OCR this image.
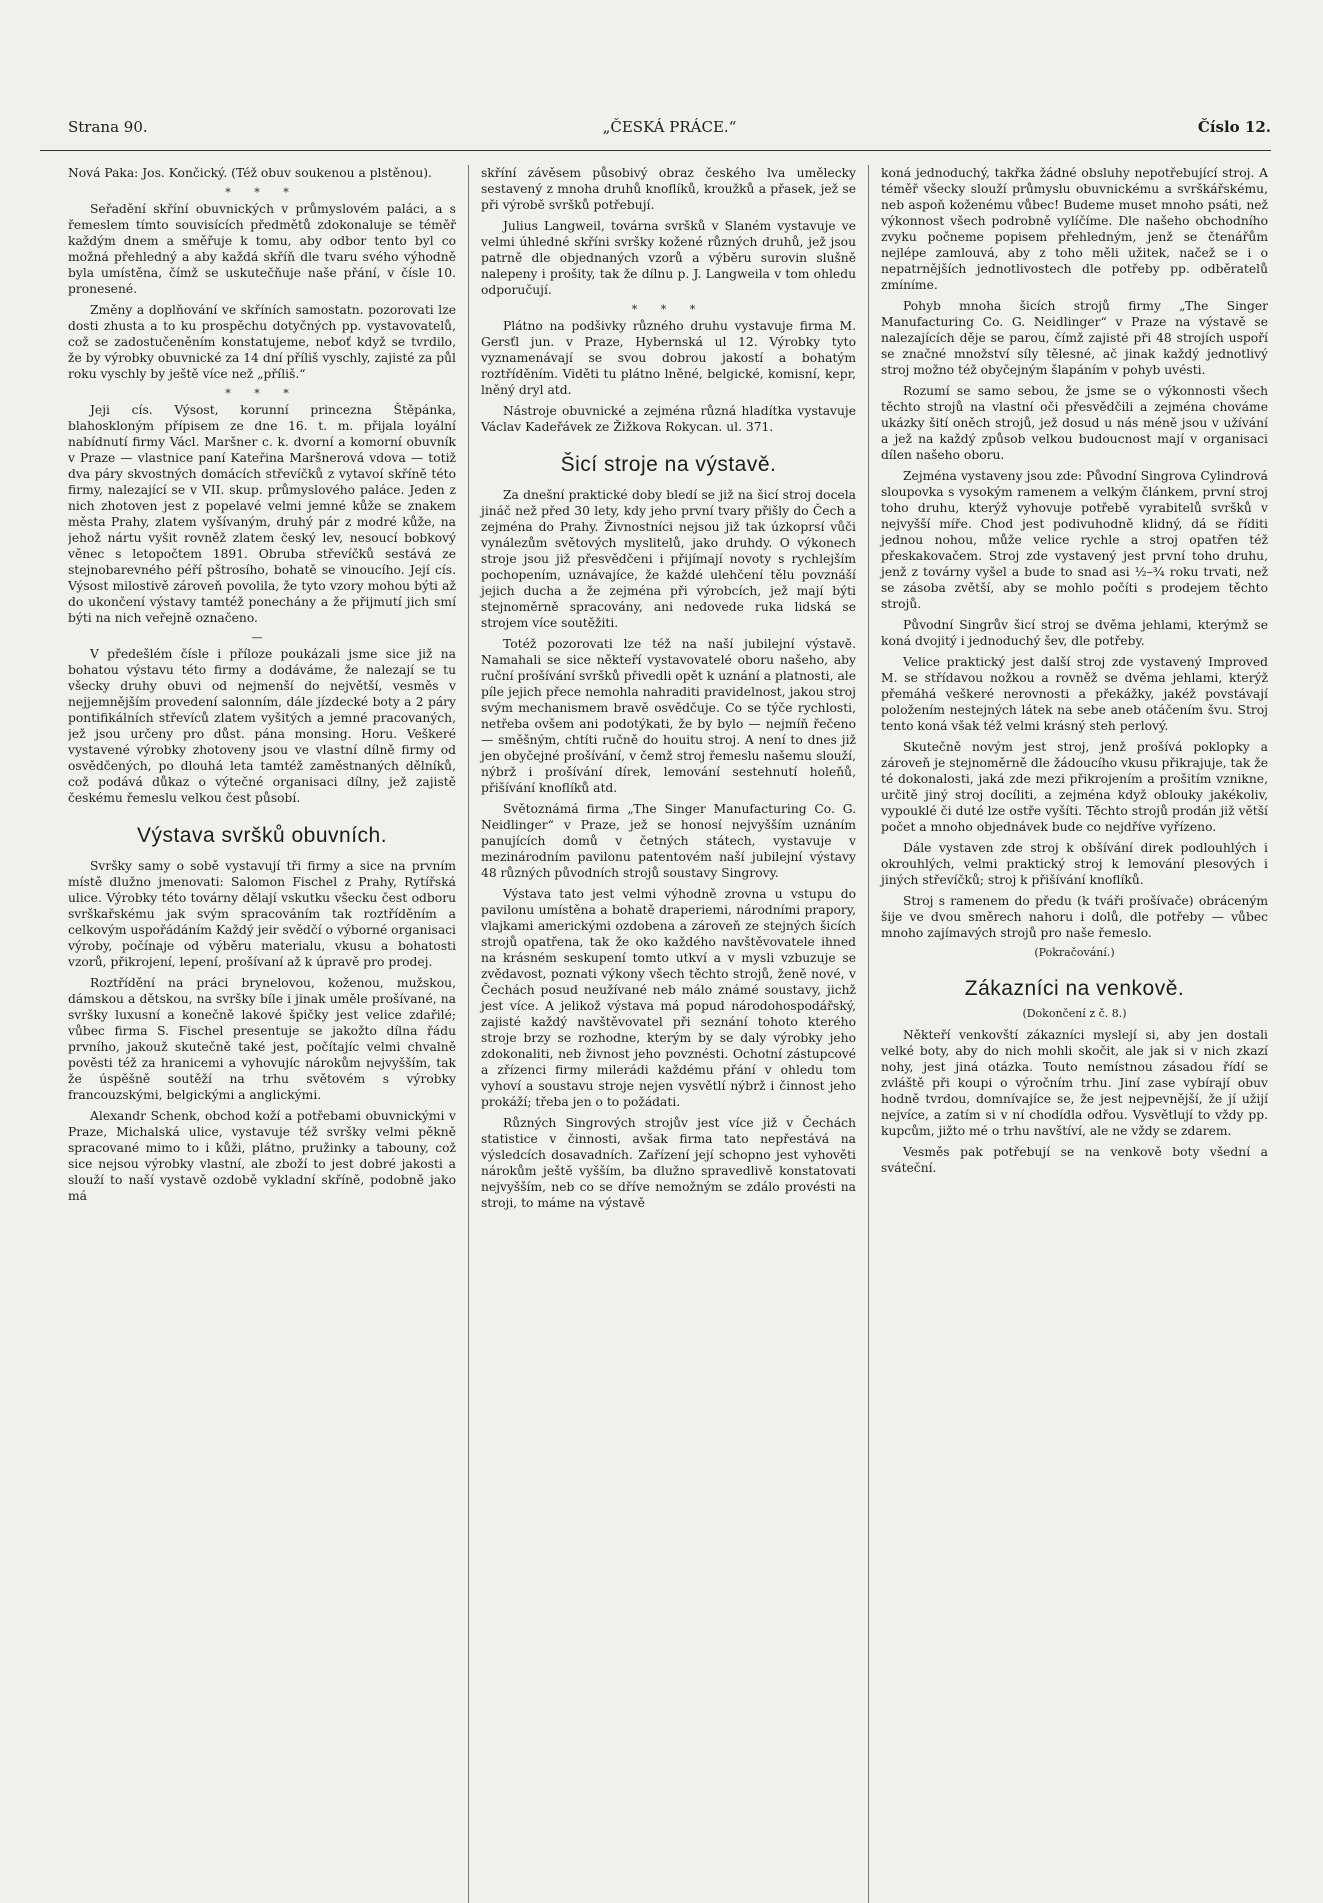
Strana 90.	„ČESKÁ PRÁCE.“	Číslo 12.

Nová Paka: Jos. Končický. (Též obuv soukenou a plstěnou).

* * *

Seřadění skříní obuvnických v průmyslovém paláci, a s řemeslem tímto souvisících předmětů zdokonaluje se téměř každým dnem a směřuje k tomu, aby odbor tento byl co možná přehledný a aby každá skříň dle tvaru svého výhodně byla umístěna, čímž se uskutečňuje naše přání, v čísle 10. pronesené.

Změny a doplňování ve skříních samostatn. pozorovati lze dosti zhusta a to ku prospěchu dotyčných pp. vystavovatelů, což se zadostučeněním konstatujeme, neboť když se tvrdilo, že by výrobky obuvnické za 14 dní příliš vyschly, zajisté za půl roku vyschly by ještě více než „příliš.“

* * *

Jeji cís. Výsost, korunní princezna Štěpánka, blahoskloným přípisem ze dne 16. t. m. přijala loyální nabídnutí firmy Václ. Maršner c. k. dvorní a komorní obuvník v Praze — vlastnice paní Kateřina Maršnerová vdova — totiž dva páry skvostných domácích střevíčků z vytavoí skříně této firmy, nalezající se v VII. skup. průmyslového paláce. Jeden z nich zhotoven jest z popelavé velmi jemné kůže se znakem města Prahy, zlatem vyšívaným, druhý pár z modré kůže, na jehož nártu vyšit rovněž zlatem český lev, nesoucí bobkový věnec s letopočtem 1891. Obruba střevíčků sestává ze stejnobarevného péří pštrosího, bohatě se vinoucího. Její cís. Výsost milostivě zároveň povolila, že tyto vzory mohou býti až do ukončení výstavy tamtéž ponechány a že přijmutí jich smí býti na nich veřejně označeno.

—

V předešlém čísle i příloze poukázali jsme sice již na bohatou výstavu této firmy a dodáváme, že nalezají se tu všecky druhy obuvi od nejmenší do největší, vesměs v nejjemnějším provedení salonním, dále jízdecké boty a 2 páry pontifikálních střevíců zlatem vyšitých a jemné pracovaných, jež jsou určeny pro důst. pána monsing. Horu. Veškeré vystavené výrobky zhotoveny jsou ve vlastní dílně firmy od osvědčených, po dlouhá leta tamtéž zaměstnaných dělníků, což podává důkaz o výtečné organisaci dílny, jež zajistě českému řemeslu velkou čest působí.

Výstava svršků obuvních.

Svršky samy o sobě vystavují tři firmy a sice na prvním místě dlužno jmenovati: Salomon Fischel z Prahy, Rytířská ulice. Výrobky této továrny dělají vskutku všecku čest odboru svrškařskému jak svým spracováním tak roztříděním a celkovým uspořádáním Každý jeir svědčí o výborné organisaci výroby, počínaje od výběru materialu, vkusu a bohatosti vzorů, přikrojení, lepení, prošívaní až k úpravě pro prodej.

Roztřídění na práci brynelovou, koženou, mužskou, dámskou a dětskou, na svršky bíle i jinak uměle prošívané, na svršky luxusní a konečně lakové špičky jest velice zdařilé; vůbec firma S. Fischel presentuje se jakožto dílna řádu prvního, jakouž skutečně také jest, počítajíc velmi chvalně pověsti též za hranicemi a vyhovujíc nárokům nejvyšším, tak že úspěšně soutěží na trhu světovém s výrobky francouzskými, belgickými a anglickými.

Alexandr Schenk, obchod koží a potřebami obuvnickými v Praze, Michalská ulice, vystavuje též svršky velmi pěkně spracované mimo to i kůži, plátno, pružinky a tabouny, což sice nejsou výrobky vlastní, ale zboží to jest dobré jakosti a slouží to naší vystavě ozdobě vykladní skříně, podobně jako má

skříní závěsem působivý obraz českého lva umělecky sestavený z mnoha druhů knoflíků, kroužků a přasek, jež se při výrobě svršků potřebují.

Julius Langweil, továrna svršků v Slaném vystavuje ve velmi úhledné skříni svršky kožené různých druhů, jež jsou patrně dle objednaných vzorů a výběru surovin slušně nalepeny i prošity, tak že dílnu p. J. Langweila v tom ohledu odporučují.

* * *

Plátno na podšivky různého druhu vystavuje firma M. Gersťl jun. v Praze, Hybernská ul 12. Výrobky tyto vyznamenávají se svou dobrou jakostí a bohatým roztříděním. Viděti tu plátno lněné, belgické, komisní, kepr, lněný dryl atd.

Nástroje obuvnické a zejména různá hladítka vystavuje Václav Kadeřávek ze Žižkova Rokycan. ul. 371.

Šicí stroje na výstavě.

Za dnešní praktické doby bledí se již na šicí stroj docela jináč než před 30 lety, kdy jeho první tvary přišly do Čech a zejména do Prahy. Živnostníci nejsou již tak úzkoprsí vůči vynálezům světových myslitelů, jako druhdy. O výkonech stroje jsou již přesvědčeni i přijímají novoty s rychlejším pochopením, uznávajíce, že každé ulehčení tělu povznáší jejich ducha a že zejména při výrobcích, jež mají býti stejnoměrně spracovány, ani nedovede ruka lidská se strojem více soutěžiti.

Totéž pozorovati lze též na naší jubilejní výstavě. Namahali se sice někteří vystavovatelé oboru našeho, aby ruční prošívání svršků přivedli opět k uznání a platnosti, ale píle jejich přece nemohla nahraditi pravidelnost, jakou stroj svým mechanismem bravě osvědčuje. Co se týče rychlosti, netřeba ovšem ani podotýkati, že by bylo — nejmíň řečeno — směšným, chtíti ručně do houitu stroj. A není to dnes již jen obyčejné prošívání, v čemž stroj řemeslu našemu slouží, nýbrž i prošívání dírek, lemování sestehnutí holeňů, přišívání knoflíků atd.

Světoznámá firma „The Singer Manufacturing Co. G. Neidlinger“ v Praze, jež se honosí nejvyšším uznáním panujících domů v četných státech, vystavuje v mezinárodním pavilonu patentovém naší jubilejní výstavy 48 různých původních strojů soustavy Singrovy.

Výstava tato jest velmi výhodně zrovna u vstupu do pavilonu umístěna a bohatě draperiemi, národními prapory, vlajkami americkými ozdobena a zároveň ze stejných šicích strojů opatřena, tak že oko každého navštěvovatele ihned na krásném seskupení tomto utkví a v mysli vzbuzuje se zvědavost, poznati výkony všech těchto strojů, ženě nové, v Čechách posud neužívané neb málo známé soustavy, jichž jest více. A jelikož výstava má popud národohospodářský, zajisté každý navštěvovatel při seznání tohoto kterého stroje brzy se rozhodne, kterým by se daly výrobky jeho zdokonaliti, neb živnost jeho povznésti. Ochotní zástupcové a zřízenci firmy milerádi každému přání v ohledu tom vyhoví a soustavu stroje nejen vysvětlí nýbrž i činnost jeho prokáží; třeba jen o to požádati.

Různých Singrových strojův jest více již v Čechách statistice v činnosti, avšak firma tato nepřestává na výsledcích dosavadních. Zařízení její schopno jest vyhověti nárokům ještě vyšším, ba dlužno spravedlivě konstatovati nejvyšším, neb co se dříve nemožným se zdálo provésti na stroji, to máme na výstavě

koná jednoduchý, takřka žádné obsluhy nepotřebující stroj. A téměř všecky slouží průmyslu obuvnickému a svrškářskému, neb aspoň koženému vůbec! Budeme muset mnoho psáti, než výkonnost všech podrobně vylíčíme. Dle našeho obchodního zvyku počneme popisem přehledným, jenž se čtenářům nejlépe zamlouvá, aby z toho měli užitek, načež se i o nepatrnějších jednotlivostech dle potřeby pp. odběratelů zmíníme.

Pohyb mnoha šicích strojů firmy „The Singer Manufacturing Co. G. Neidlinger“ v Praze na výstavě se nalezajících děje se parou, čímž zajisté při 48 strojích uspoří se značné množství síly tělesné, ač jinak každý jednotlivý stroj možno též obyčejným šlapáním v pohyb uvésti.

Rozumí se samo sebou, že jsme se o výkonnosti všech těchto strojů na vlastní oči přesvědčili a zejména chováme ukázky šití oněch strojů, jež dosud u nás méně jsou v užívání a jež na každý způsob velkou budoucnost mají v organisaci dílen našeho oboru.

Zejména vystaveny jsou zde: Původní Singrova Cylindrová sloupovka s vysokým ramenem a velkým článkem, první stroj toho druhu, kterýž vyhovuje potřebě vyrabitelů svršků v nejvyšší míře. Chod jest podivuhodně klidný, dá se říditi jednou nohou, může velice rychle a stroj opatřen též přeskakovačem. Stroj zde vystavený jest první toho druhu, jenž z továrny vyšel a bude to snad asi ½–¾ roku trvati, než se zásoba zvětší, aby se mohlo počíti s prodejem těchto strojů.

Původní Singrův šicí stroj se dvěma jehlami, kterýmž se koná dvojitý i jednoduchý šev, dle potřeby.

Velice praktický jest další stroj zde vystavený Improved M. se střídavou nožkou a rovněž se dvěma jehlami, kterýž přemáhá veškeré nerovnosti a překážky, jakéž povstávají položením nestejných látek na sebe aneb otáčením švu. Stroj tento koná však též velmi krásný steh perlový.

Skutečně novým jest stroj, jenž prošívá poklopky a zároveň je stejnoměrně dle žádoucího vkusu přikrajuje, tak že té dokonalosti, jaká zde mezi přikrojením a prošitím vznikne, určitě jiný stroj docíliti, a zejména když oblouky jakékoliv, vypouklé či duté lze ostře vyšíti. Těchto strojů prodán již větší počet a mnoho objednávek bude co nejdříve vyřízeno.

Dále vystaven zde stroj k obšívání direk podlouhlých i okrouhlých, velmi praktický stroj k lemování plesových i jiných střevíčků; stroj k přišívání knoflíků.

Stroj s ramenem do předu (k tváři prošívače) obráceným šije ve dvou směrech nahoru i dolů, dle potřeby — vůbec mnoho zajímavých strojů pro naše řemeslo.

(Pokračování.)
Zákazníci na venkově.
(Dokončení z č. 8.)

Někteří venkovští zákazníci myslejí si, aby jen dostali velké boty, aby do nich mohli skočit, ale jak si v nich zkazí nohy, jest jiná otázka. Touto nemístnou zásadou řídí se zvláště při koupi o výročním trhu. Jiní zase vybírají obuv hodně tvrdou, domnívajíce se, že jest nejpevnější, že jí užijí nejvíce, a zatím si v ní chodídla odřou. Vysvětlují to vždy pp. kupcům, jižto mé o trhu navštíví, ale ne vždy se zdarem.

Vesměs pak potřebují se na venkově boty všední a sváteční.
